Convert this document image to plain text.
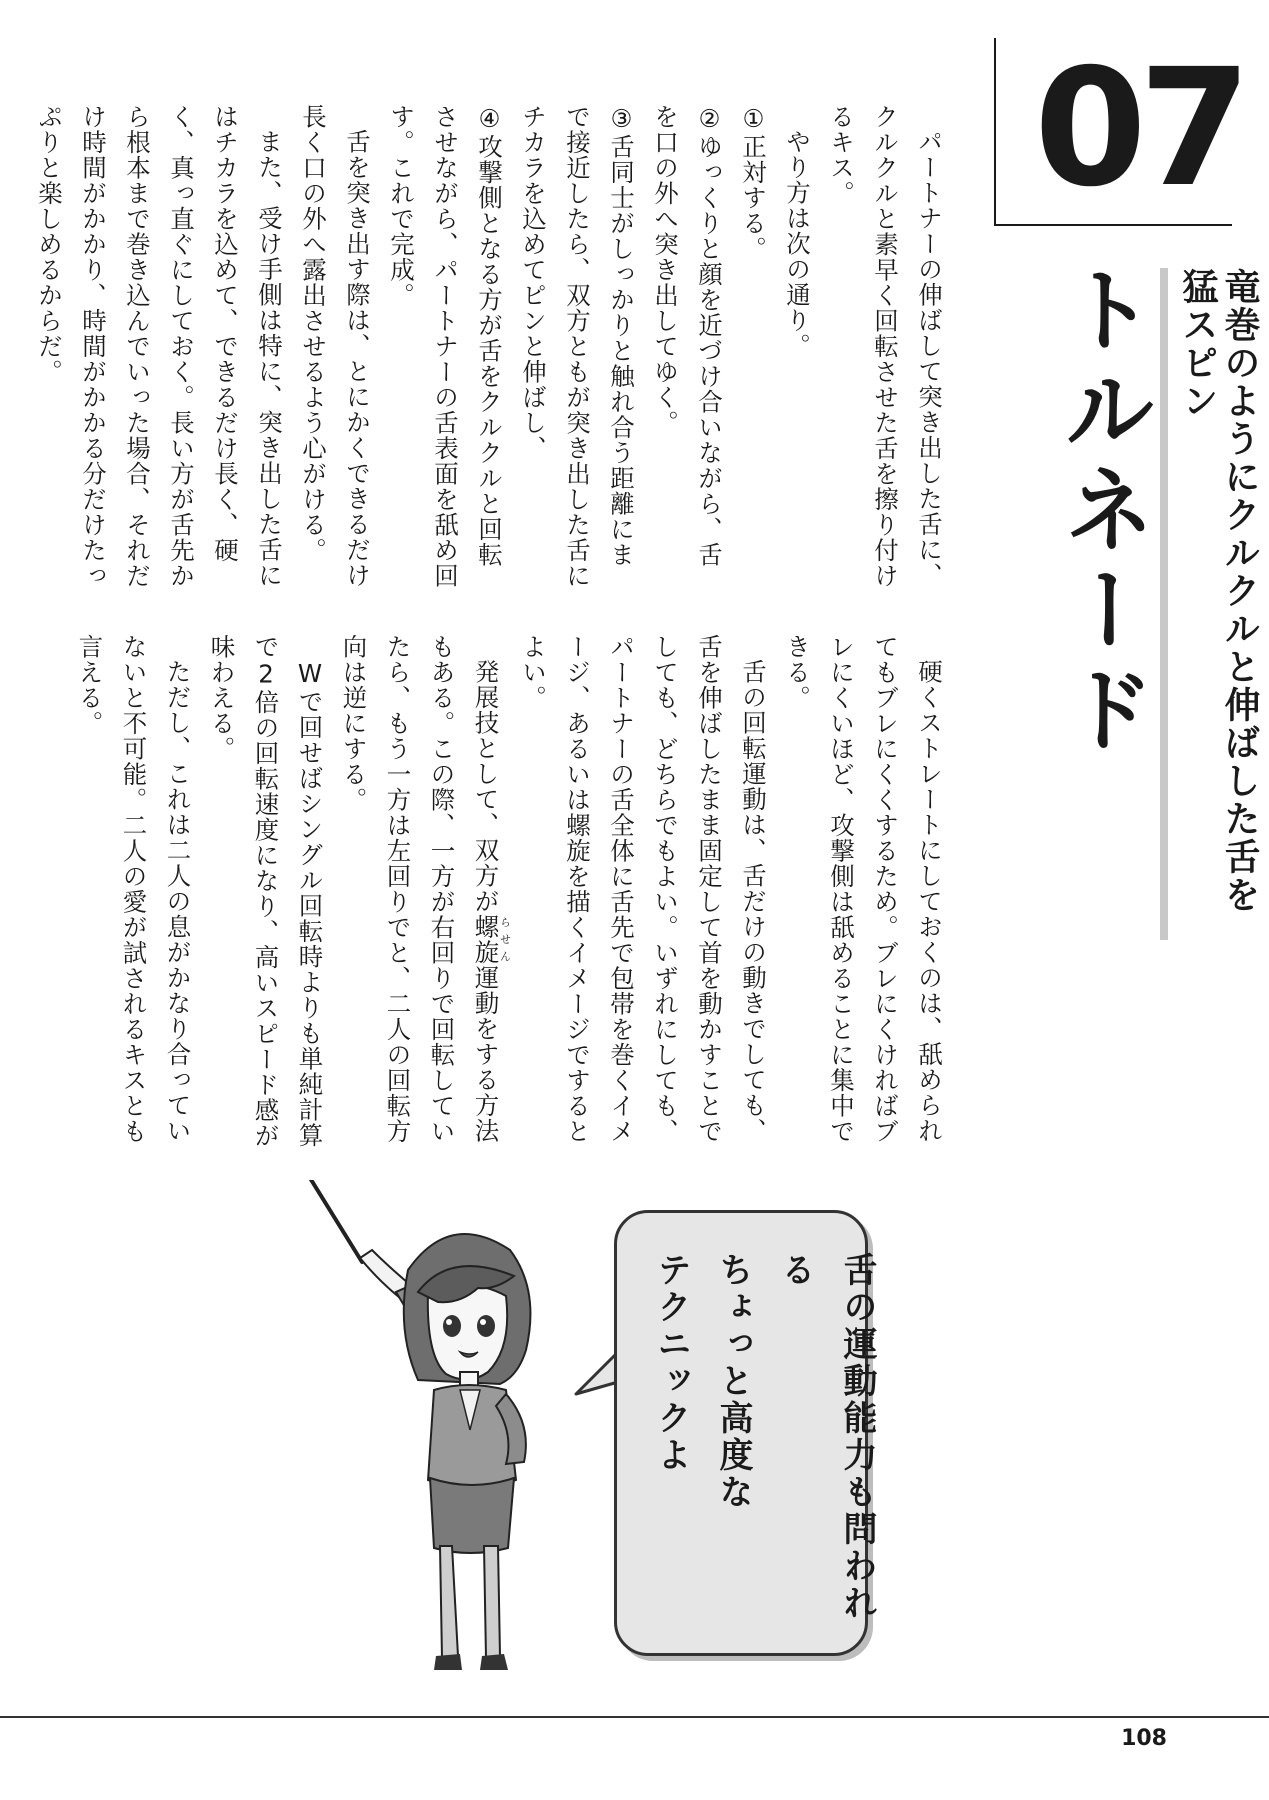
07
竜巻のようにクルクルと伸ばした舌を猛スピン
トルネード

パートナーの伸ばして突き出した舌に、クルクルと素早く回転させた舌を擦り付けるキス。

やり方は次の通り。

①正対する。

②ゆっくりと顔を近づけ合いながら、舌を口の外へ突き出してゆく。

③舌同士がしっかりと触れ合う距離にまで接近したら、双方ともが突き出した舌にチカラを込めてピンと伸ばし、

④攻撃側となる方が舌をクルクルと回転させながら、パートナーの舌表面を舐め回す。これで完成。

舌を突き出す際は、とにかくできるだけ長く口の外へ露出させるよう心がける。

また、受け手側は特に、突き出した舌にはチカラを込めて、できるだけ長く、硬く、真っ直ぐにしておく。長い方が舌先から根本まで巻き込んでいった場合、それだけ時間がかかり、時間がかかる分だけたっぷりと楽しめるからだ。

硬くストレートにしておくのは、舐められてもブレにくくするため。ブレにくければブレにくいほど、攻撃側は舐めることに集中できる。

舌の回転運動は、舌だけの動きでしても、舌を伸ばしたまま固定して首を動かすことでしても、どちらでもよい。いずれにしても、パートナーの舌全体に舌先で包帯を巻くイメージ、あるいは螺旋を描くイメージでするとよい。

発展技として、双方が螺旋らせん運動をする方法もある。この際、一方が右回りで回転していたら、もう一方は左回りでと、二人の回転方向は逆にする。

Wで回せばシングル回転時よりも単純計算で2倍の回転速度になり、高いスピード感が味わえる。

ただし、これは二人の息がかなり合っていないと不可能。二人の愛が試されるキスとも言える。

舌の運動能力も問われる
ちょっと高度な
テクニックよ
108
